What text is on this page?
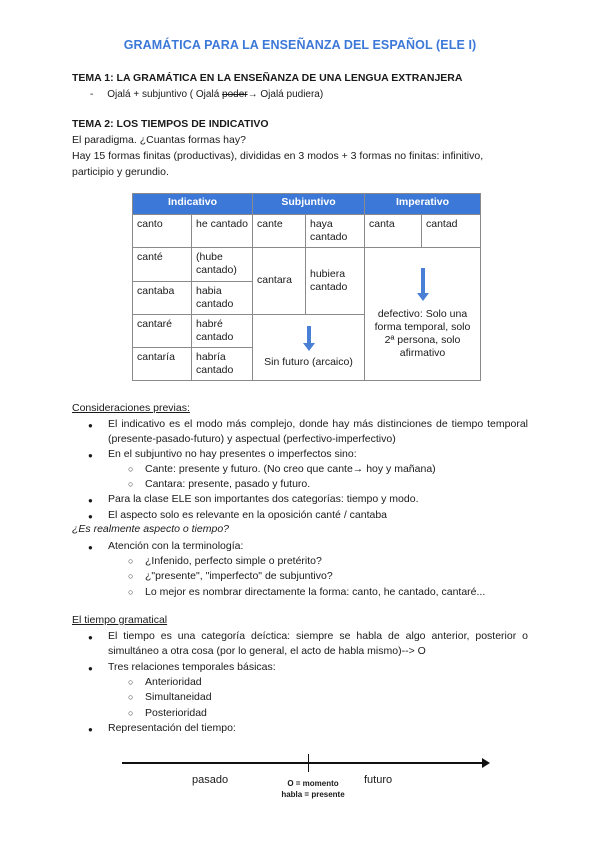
GRAMÁTICA PARA LA ENSEÑANZA DEL ESPAÑOL (ELE I)
TEMA 1: LA GRAMÁTICA EN LA ENSEÑANZA DE UNA LENGUA EXTRANJERA
- Ojalá + subjuntivo ( Ojalá poder→ Ojalá pudiera)
TEMA 2: LOS TIEMPOS DE INDICATIVO
El paradigma. ¿Cuantas formas hay?
Hay 15 formas finitas (productivas), divididas en 3 modos + 3 formas no finitas: infinitivo,
participio y gerundio.
Indicativo		Subjuntivo		Imperativo	
canto	he cantado	cante	haya cantado	canta	cantad
canté	(hube cantado)	cantara	hubiera cantado	defectivo: Solo una forma temporal, solo 2ª persona, solo afirmativo	

cantaba	habia cantado				
cantaré	habré cantado	Sin futuro (arcaico)			

cantaría	habría cantado				
Consideraciones previas:
● El indicativo es el modo más complejo, donde hay más distinciones de tiempo temporal (presente-pasado-futuro) y aspectual (perfectivo-imperfectivo)
● En el subjuntivo no hay presentes o imperfectos sino:
○ Cante: presente y futuro. (No creo que cante→ hoy y mañana)
○ Cantara: presente, pasado y futuro.
● Para la clase ELE son importantes dos categorías: tiempo y modo.
● El aspecto solo es relevante en la oposición canté / cantaba
¿Es realmente aspecto o tiempo?
● Atención con la terminología:
○ ¿Infenido, perfecto simple o pretérito?
○ ¿"presente", "imperfecto" de subjuntivo?
○ Lo mejor es nombrar directamente la forma: canto, he cantado, cantaré...
El tiempo gramatical
● El tiempo es una categoría deíctica: siempre se habla de algo anterior, posterior o simultáneo a otra cosa (por lo general, el acto de habla mismo)--> O
● Tres relaciones temporales básicas:
○ Anterioridad
○ Simultaneidad
○ Posterioridad
● Representación del tiempo:
pasado	futuro
O = momento
habla = presente
